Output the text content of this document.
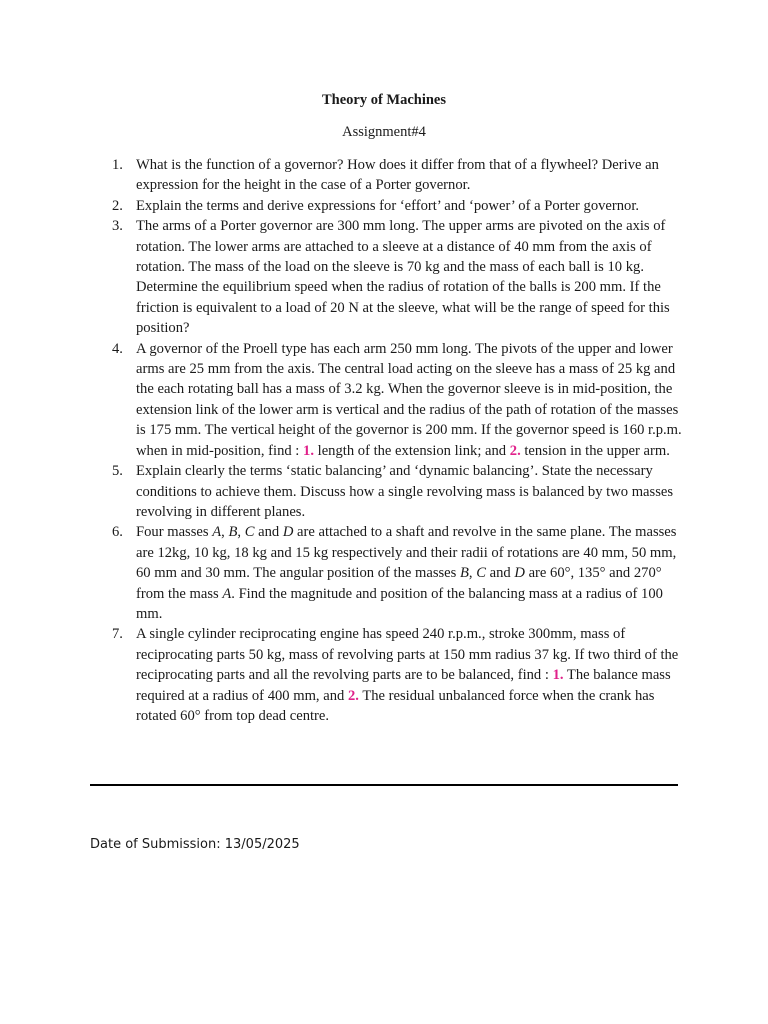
Theory of Machines
Assignment#4
1. What is the function of a governor? How does it differ from that of a flywheel? Derive an expression for the height in the case of a Porter governor.
2. Explain the terms and derive expressions for ‘effort’ and ‘power’ of a Porter governor.
3. The arms of a Porter governor are 300 mm long. The upper arms are pivoted on the axis of rotation. The lower arms are attached to a sleeve at a distance of 40 mm from the axis of rotation. The mass of the load on the sleeve is 70 kg and the mass of each ball is 10 kg. Determine the equilibrium speed when the radius of rotation of the balls is 200 mm. If the friction is equivalent to a load of 20 N at the sleeve, what will be the range of speed for this position?
4. A governor of the Proell type has each arm 250 mm long. The pivots of the upper and lower arms are 25 mm from the axis. The central load acting on the sleeve has a mass of 25 kg and the each rotating ball has a mass of 3.2 kg. When the governor sleeve is in mid-position, the extension link of the lower arm is vertical and the radius of the path of rotation of the masses is 175 mm. The vertical height of the governor is 200 mm. If the governor speed is 160 r.p.m. when in mid-position, find : 1. length of the extension link; and 2. tension in the upper arm.
5. Explain clearly the terms ‘static balancing’ and ‘dynamic balancing’. State the necessary conditions to achieve them. Discuss how a single revolving mass is balanced by two masses revolving in different planes.
6. Four masses A, B, C and D are attached to a shaft and revolve in the same plane. The masses are 12kg, 10 kg, 18 kg and 15 kg respectively and their radii of rotations are 40 mm, 50 mm, 60 mm and 30 mm. The angular position of the masses B, C and D are 60°, 135° and 270° from the mass A. Find the magnitude and position of the balancing mass at a radius of 100 mm.
7. A single cylinder reciprocating engine has speed 240 r.p.m., stroke 300mm, mass of reciprocating parts 50 kg, mass of revolving parts at 150 mm radius 37 kg. If two third of the reciprocating parts and all the revolving parts are to be balanced, find : 1. The balance mass required at a radius of 400 mm, and 2. The residual unbalanced force when the crank has rotated 60° from top dead centre.
Date of Submission: 13/05/2025
